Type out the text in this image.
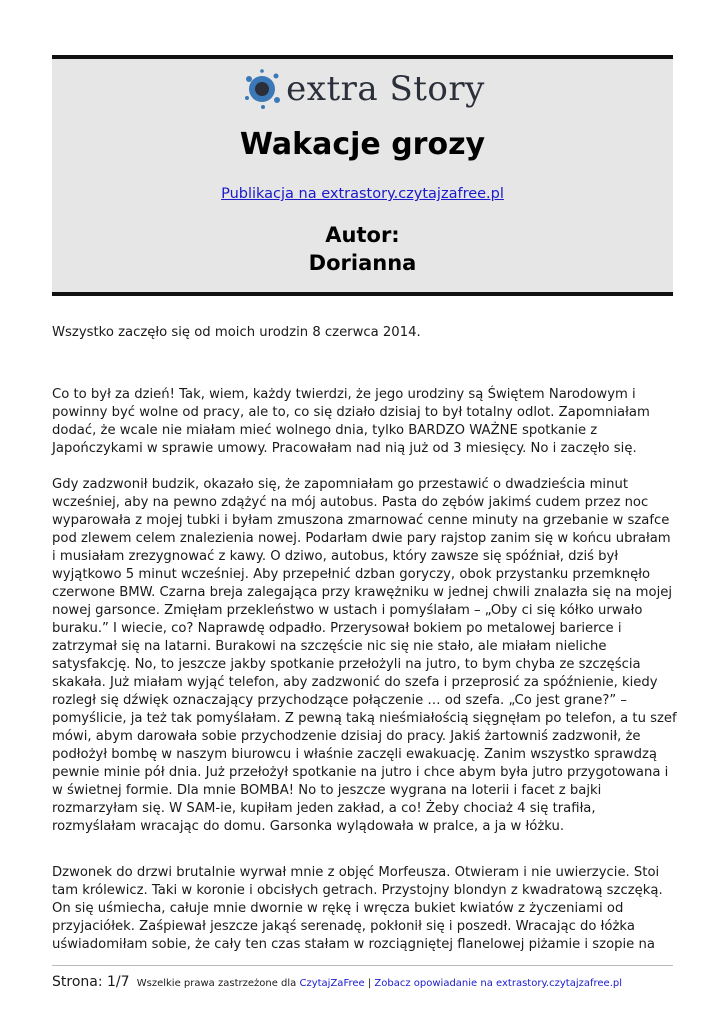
extra Story
Wakacje grozy
Publikacja na extrastory.czytajzafree.pl
Autor:
Dorianna

Wszystko zaczęło się od moich urodzin 8 czerwca 2014.

Co to był za dzień! Tak, wiem, każdy twierdzi, że jego urodziny są Świętem Narodowym i powinny być wolne od pracy, ale to, co się działo dzisiaj to był totalny odlot. Zapomniałam dodać, że wcale nie miałam mieć wolnego dnia, tylko BARDZO WAŻNE spotkanie z Japończykami w sprawie umowy. Pracowałam nad nią już od 3 miesięcy. No i zaczęło się.

Gdy zadzwonił budzik, okazało się, że zapomniałam go przestawić o dwadzieścia minut wcześniej, aby na pewno zdążyć na mój autobus. Pasta do zębów jakimś cudem przez noc wyparowała z mojej tubki i byłam zmuszona zmarnować cenne minuty na grzebanie w szafce pod zlewem celem znalezienia nowej. Podarłam dwie pary rajstop zanim się w końcu ubrałam i musiałam zrezygnować z kawy. O dziwo, autobus, który zawsze się spóźniał, dziś był wyjątkowo 5 minut wcześniej. Aby przepełnić dzban goryczy, obok przystanku przemknęło czerwone BMW. Czarna breja zalegająca przy krawężniku w jednej chwili znalazła się na mojej nowej garsonce. Zmięłam przekleństwo w ustach i pomyślałam – „Oby ci się kółko urwało buraku.” I wiecie, co? Naprawdę odpadło. Przerysował bokiem po metalowej barierce i zatrzymał się na latarni. Burakowi na szczęście nic się nie stało, ale miałam nieliche satysfakcję. No, to jeszcze jakby spotkanie przełożyli na jutro, to bym chyba ze szczęścia skakała. Już miałam wyjąć telefon, aby zadzwonić do szefa i przeprosić za spóźnienie, kiedy rozległ się dźwięk oznaczający przychodzące połączenie … od szefa. „Co jest grane?” – pomyślicie, ja też tak pomyślałam. Z pewną taką nieśmiałością sięgnęłam po telefon, a tu szef mówi, abym darowała sobie przychodzenie dzisiaj do pracy. Jakiś żartowniś zadzwonił, że podłożył bombę w naszym biurowcu i właśnie zaczęli ewakuację. Zanim wszystko sprawdzą pewnie minie pół dnia. Już przełożył spotkanie na jutro i chce abym była jutro przygotowana i w świetnej formie. Dla mnie BOMBA! No to jeszcze wygrana na loterii i facet z bajki rozmarzyłam się. W SAM-ie, kupiłam jeden zakład, a co! Żeby chociaż 4 się trafiła, rozmyślałam wracając do domu. Garsonka wylądowała w pralce, a ja w łóżku.

Dzwonek do drzwi brutalnie wyrwał mnie z objęć Morfeusza. Otwieram i nie uwierzycie. Stoi tam królewicz. Taki w koronie i obcisłych getrach. Przystojny blondyn z kwadratową szczęką. On się uśmiecha, całuje mnie dwornie w rękę i wręcza bukiet kwiatów z życzeniami od przyjaciółek. Zaśpiewał jeszcze jakąś serenadę, pokłonił się i poszedł. Wracając do łóżka uświadomiłam sobie, że cały ten czas stałam w rozciągniętej flanelowej piżamie i szopie na

Strona: 1/7 Wszelkie prawa zastrzeżone dla CzytajZaFree | Zobacz opowiadanie na extrastory.czytajzafree.pl
